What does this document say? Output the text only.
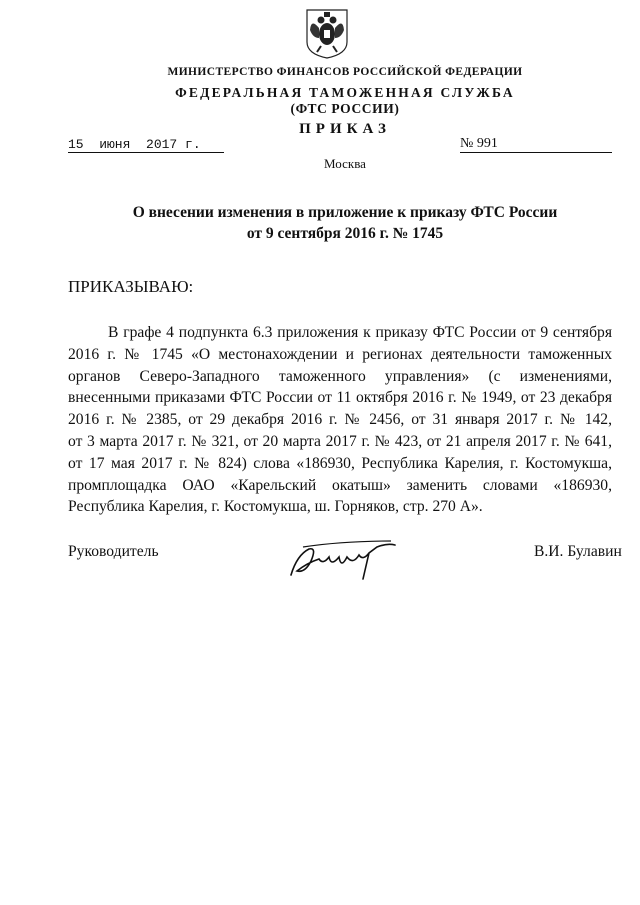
МИНИСТЕРСТВО ФИНАНСОВ РОССИЙСКОЙ ФЕДЕРАЦИИ
ФЕДЕРАЛЬНАЯ ТАМОЖЕННАЯ СЛУЖБА
(ФТС РОССИИ)
ПРИКАЗ
15  июня  2017 г.	№ 991
Москва
О внесении изменения в приложение к приказу ФТС России
от 9 сентября 2016 г. № 1745
ПРИКАЗЫВАЮ:
В графе 4 подпункта 6.3 приложения к приказу ФТС России от 9 сентября
2016 г. № 1745 «О местонахождении и регионах деятельности таможенных
органов Северо-Западного таможенного управления» (с изменениями,
внесенными приказами ФТС России от 11 октября 2016 г. № 1949, от 23 декабря
2016 г. № 2385, от 29 декабря 2016 г. № 2456, от 31 января 2017 г. № 142,
от 3 марта 2017 г. № 321, от 20 марта 2017 г. № 423, от 21 апреля 2017 г. № 641,
от 17 мая 2017 г. № 824) слова «186930, Республика Карелия, г. Костомукша,
промплощадка ОАО «Карельский окатыш» заменить словами «186930,
Республика Карелия, г. Костомукша, ш. Горняков, стр. 270 А».
Руководитель	В.И. Булавин
